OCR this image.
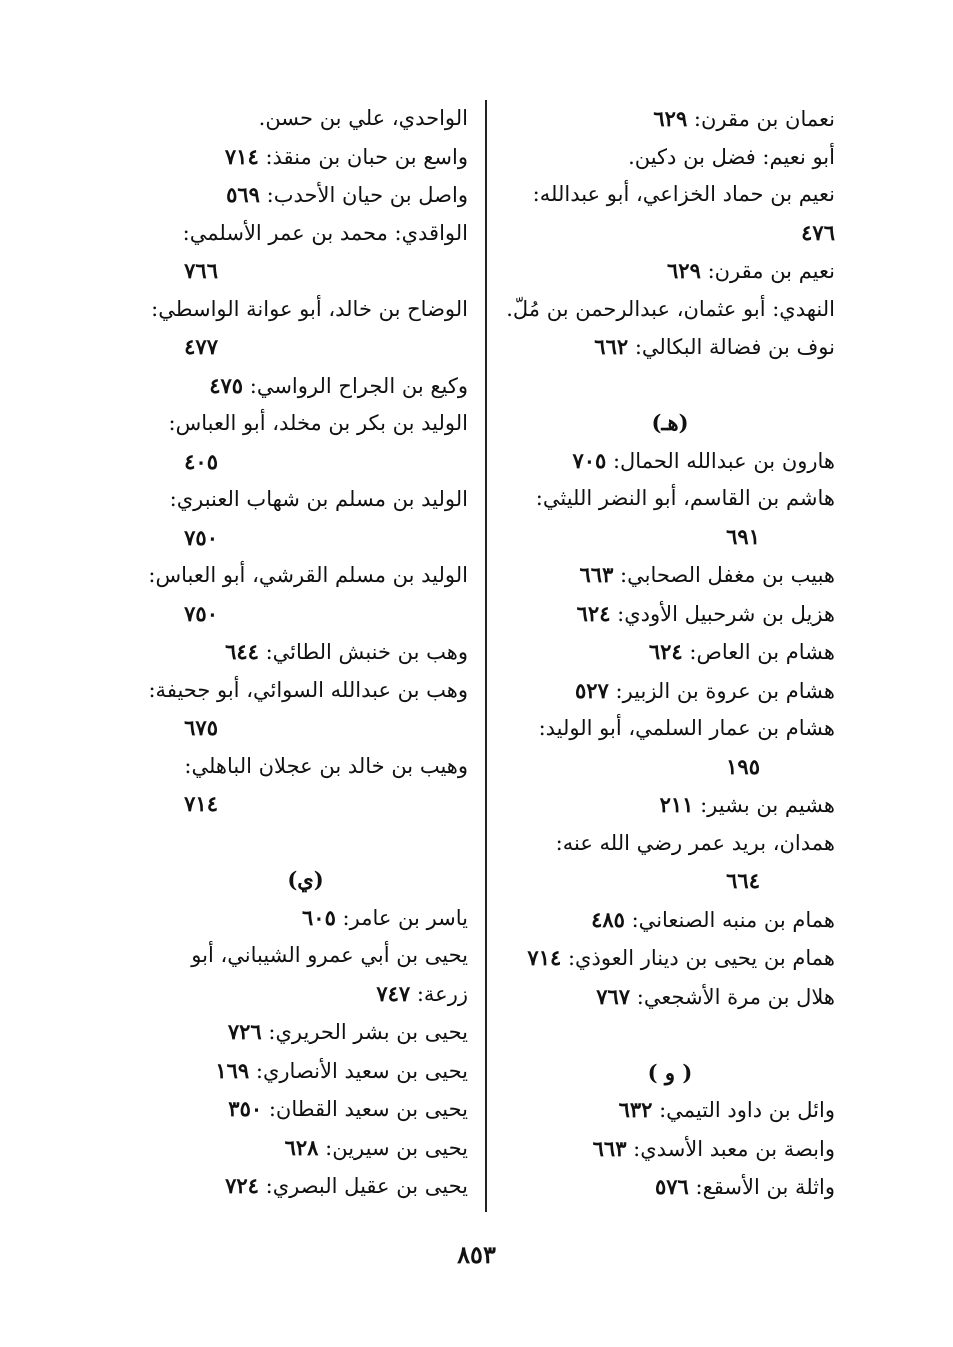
نعمان بن مقرن: ٦٢٩

أبو نعيم: فضل بن دكين.

نعيم بن حماد الخزاعي، أبو عبدالله:

٤٧٦

نعيم بن مقرن: ٦٢٩

النهدي: أبو عثمان، عبدالرحمن بن مُلّ.

نوف بن فضالة البكالي: ٦٦٢

(هـ)

هارون بن عبدالله الحمال: ٧٠٥

هاشم بن القاسم، أبو النضر الليثي:

٦٩١

هبيب بن مغفل الصحابي: ٦٦٣

هزيل بن شرحبيل الأودي: ٦٢٤

هشام بن العاص: ٦٢٤

هشام بن عروة بن الزبير: ٥٢٧

هشام بن عمار السلمي، أبو الوليد:

١٩٥

هشيم بن بشير: ٢١١

همدان، بريد عمر رضي الله عنه:

٦٦٤

همام بن منبه الصنعاني: ٤٨٥

همام بن يحيى بن دينار العوذي: ٧١٤

هلال بن مرة الأشجعي: ٧٦٧

( و )

وائل بن داود التيمي: ٦٣٢

وابصة بن معبد الأسدي: ٦٦٣

واثلة بن الأسقع: ٥٧٦

الواحدي، علي بن حسن.

واسع بن حبان بن منقذ: ٧١٤

واصل بن حيان الأحدب: ٥٦٩

الواقدي: محمد بن عمر الأسلمي:

٧٦٦

الوضاح بن خالد، أبو عوانة الواسطي:

٤٧٧

وكيع بن الجراح الرواسي: ٤٧٥

الوليد بن بكر بن مخلد، أبو العباس:

٤٠٥

الوليد بن مسلم بن شهاب العنبري:

٧٥٠

الوليد بن مسلم القرشي، أبو العباس:

٧٥٠

وهب بن خنبش الطائي: ٦٤٤

وهب بن عبدالله السوائي، أبو جحيفة:

٦٧٥

وهيب بن خالد بن عجلان الباهلي:

٧١٤

(ي)

ياسر بن عامر: ٦٠٥

يحيى بن أبي عمرو الشيباني، أبو زرعة: ٧٤٧

يحيى بن بشر الحريري: ٧٢٦

يحيى بن سعيد الأنصاري: ١٦٩

يحيى بن سعيد القطان: ٣٥٠

يحيى بن سيرين: ٦٢٨

يحيى بن عقيل البصري: ٧٢٤

٨٥٣
